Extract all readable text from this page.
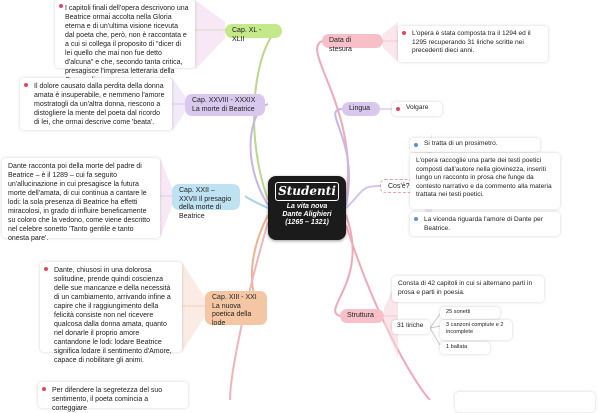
I capitoli finali dell'opera descrivono una Beatrice ormai accolta nella Gloria eterna e di un'ultima visione ricevuta dal poeta che, però, non è raccontata e a cui si collega il proposito di "dicer di lei quello che mai non fue detto d'alcuna" e che, secondo tanta critica, presagisce l'impresa letteraria della
Cap. XL - XLII
Il dolore causato dalla perdita della donna amata è insuperabile, e nemmeno l'amore mostratogli da un'altra donna, riescono a distogliere la mente del poeta dal ricordo di lei, che ormai descrive come 'beata'.
Cap. XXVIII - XXXIX La morte di Beatrice
Dante racconta poi della morte del padre di Beatrice – è il 1289 – cui fa seguito un'allucinazione in cui presagisce la futura morte dell'amata, di cui continua a cantare le lodi: la sola presenza di Beatrice ha effetti miracolosi, in grado di influire beneficamente su coloro che la vedono, come viene descritto nel celebre sonetto 'Tanto gentile e tanto onesta pare'.
Cap. XXII – XXVII Il presagio della morte di Beatrice
Dante, chiusosi in una dolorosa solitudine, prende quindi coscienza delle sue mancanze e della necessità di un cambiamento, arrivando infine a capire che il raggiungimento della felicità consiste non nel ricevere qualcosa dalla donna amata, quanto nel donarle il proprio amore cantandone le lodi: lodare Beatrice significa lodare il sentimento d'Amore, capace di nobilitare gli animi.
Cap. XIII - XXI La nuova poetica della lode
Per difendere la segretezza del suo sentimento, il poeta comincia a corteggiare
Studenti
La vita nova
Dante Alighieri
(1265 – 1321)
Data di stesura
L'opera è stata composta tra il 1294 ed il 1295 recuperando 31 liriche scritte nei precedenti dieci anni.
Lingua	Volgare
Cos'è?
Si tratta di un prosimetro.
L'opera raccoglie una parte dei testi poetici composti dall'autore nella giovinezza, inseriti lungo un racconto in prosa che funge da contesto narrativo e da commento alla materia trattata nei testi poetici.
La vicenda riguarda l'amore di Dante per Beatrice.
Struttura
Consta di 42 capitoli in cui si alternano parti in prosa e parti in poesia.
31 liriche
25 sonetti
3 canzoni compiute e 2 incomplete
1 ballata
